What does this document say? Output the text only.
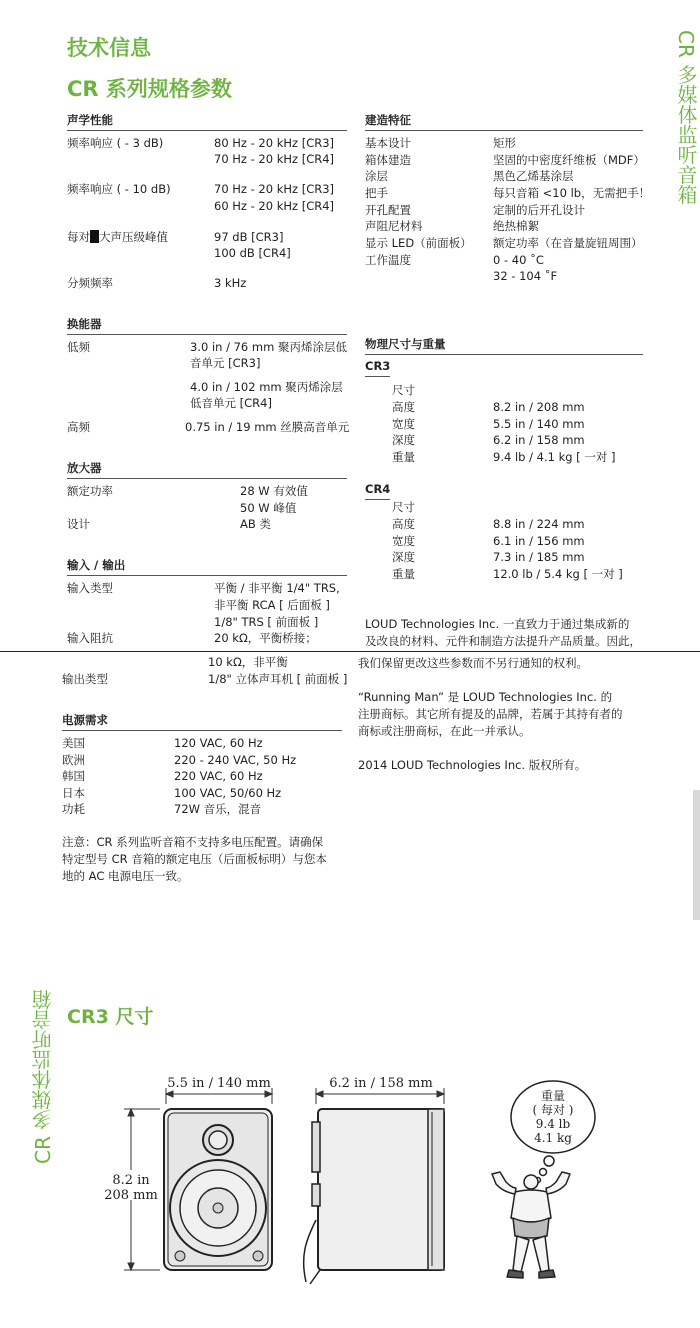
技术信息
CR 系列规格参数	CR 多媒体监听音箱
声学性能
频率响应 ( - 3 dB)	80 Hz - 20 kHz [CR3]
70 Hz - 20 kHz [CR4]
频率响应 ( - 10 dB)	70 Hz - 20 kHz [CR3]
60 Hz - 20 kHz [CR4]
每对 大声压级峰值	97 dB [CR3]
100 dB [CR4]
分频频率	3 kHz
换能器
低频	3.0 in / 76 mm 聚丙烯涂层低
音单元 [CR3]
4.0 in / 102 mm 聚丙烯涂层
低音单元 [CR4]
高频	0.75 in / 19 mm 丝膜高音单元
放大器
额定功率	28 W 有效值
50 W 峰值
设计	AB 类
输入 / 输出
输入类型	平衡 / 非平衡 1/4" TRS,
非平衡 RCA [ 后面板 ]
1/8" TRS [ 前面板 ]
输入阻抗	20 kΩ，平衡桥接；
10 kΩ，非平衡
输出类型	1/8" 立体声耳机 [ 前面板 ]
电源需求
美国	120 VAC, 60 Hz
欧洲	220 - 240 VAC, 50 Hz
韩国	220 VAC, 60 Hz
日本	100 VAC, 50/60 Hz
功耗	72W 音乐，混音
注意：CR 系列监听音箱不支持多电压配置。请确保
特定型号 CR 音箱的额定电压（后面板标明）与您本
地的 AC 电源电压一致。
建造特征
基本设计	矩形
箱体建造	坚固的中密度纤维板（MDF）
涂层	黑色乙烯基涂层
把手	每只音箱 <10 lb，无需把手！
开孔配置	定制的后开孔设计
声阻尼材料	绝热棉絮
显示 LED（前面板） 额定功率（在音量旋钮周围）
工作温度	0 - 40 ˚C
32 - 104 ˚F
物理尺寸与重量
CR3
尺寸
高度	8.2 in / 208 mm
宽度	5.5 in / 140 mm
深度	6.2 in / 158 mm
重量	9.4 lb / 4.1 kg [ 一对 ]
CR4
尺寸
高度	8.8 in / 224 mm
宽度	6.1 in / 156 mm
深度	7.3 in / 185 mm
重量	12.0 lb / 5.4 kg [ 一对 ]
LOUD Technologies Inc. 一直致力于通过集成新的
及改良的材料、元件和制造方法提升产品质量。因此，
我们保留更改这些参数而不另行通知的权利。
“Running Man” 是 LOUD Technologies Inc. 的
注册商标。其它所有提及的品牌，若属于其持有者的
商标或注册商标，在此一并承认。
2014 LOUD Technologies Inc. 版权所有。
CR 多媒体监听音箱 CR3 尺寸
5.5 in / 140 mm	6.2 in / 158 mm
8.2 in
208 mm
重量
( 每对 )
9.4 lb
4.1 kg
